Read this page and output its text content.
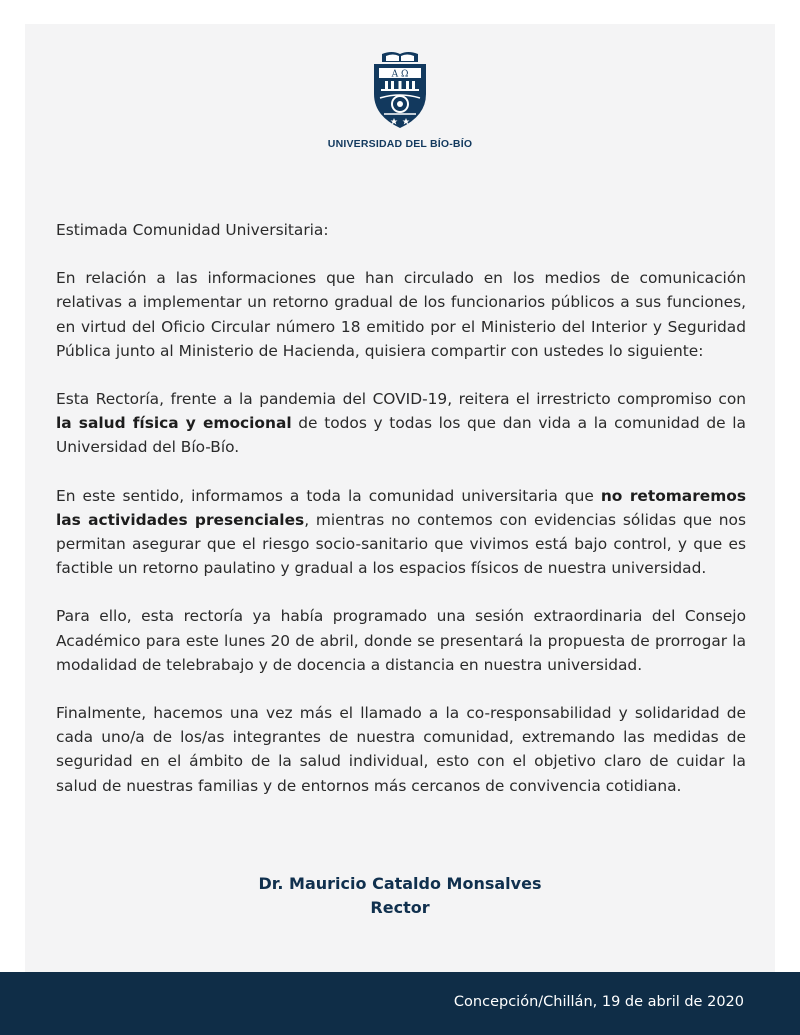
Α Ω
UNIVERSIDAD DEL BÍO-BÍO

Estimada Comunidad Universitaria:

En relación a las informaciones que han circulado en los medios de comunicación relativas a implementar un retorno gradual de los funcionarios públicos a sus funciones, en virtud del Oficio Circular número 18 emitido por el Ministerio del Interior y Seguridad Pública junto al Ministerio de Hacienda, quisiera compartir con ustedes lo siguiente:

Esta Rectoría, frente a la pandemia del COVID-19, reitera el irrestricto compromiso con la salud física y emocional de todos y todas los que dan vida a la comunidad de la Universidad del Bío-Bío.

En este sentido, informamos a toda la comunidad universitaria que no retomaremos las actividades presenciales, mientras no contemos con evidencias sólidas que nos permitan asegurar que el riesgo socio-sanitario que vivimos está bajo control, y que es factible un retorno paulatino y gradual a los espacios físicos de nuestra universidad.

Para ello, esta rectoría ya había programado una sesión extraordinaria del Consejo Académico para este lunes 20 de abril, donde se presentará la propuesta de prorrogar la modalidad de telebrabajo y de docencia a distancia en nuestra universidad.

Finalmente, hacemos una vez más el llamado a la co-responsabilidad y solidaridad de cada uno/a de los/as integrantes de nuestra comunidad, extremando las medidas de seguridad en el ámbito de la salud individual, esto con el objetivo claro de cuidar la salud de nuestras familias y de entornos más cercanos de convivencia cotidiana.

Dr. Mauricio Cataldo Monsalves
Rector
Concepción/Chillán, 19 de abril de 2020
